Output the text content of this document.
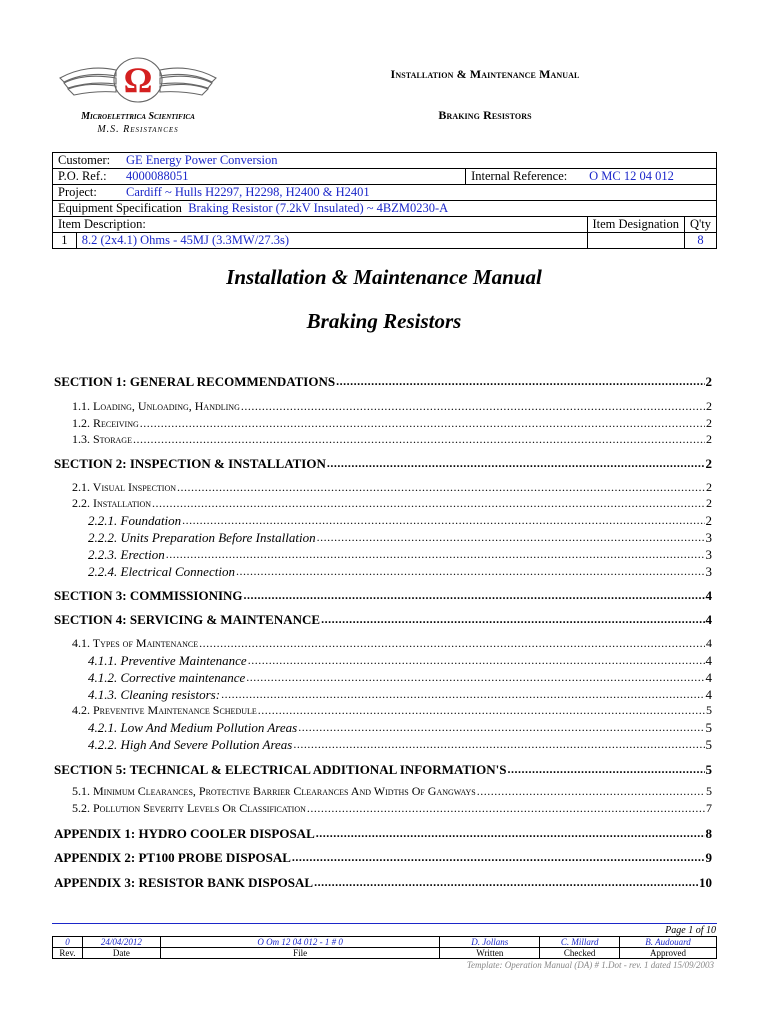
Ω
Microelettrica Scientifica
M.S. Resistances
Installation & Maintenance Manual
Braking Resistors
Customer: GE Energy Power Conversion				
P.O. Ref.: 4000088051		Internal Reference: O MC 12 04 012		
Project: Cardiff ~ Hulls H2297, H2298, H2400 & H2401				
Equipment Specification Braking Resistor (7.2kV Insulated) ~ 4BZM0230-A				
Item Description:			Item Designation	Q'ty
1	8.2 (2x4.1) Ohms - 45MJ (3.3MW/27.3s)			8
Installation & Maintenance Manual
Braking Resistors
SECTION 1: GENERAL RECOMMENDATIONS .....	2
1.1. Loading, Unloading, Handling .....	2
1.2. Receiving .....	2
1.3. Storage .....	2
SECTION 2: INSPECTION & INSTALLATION .....	2
2.1. Visual Inspection .....	2
2.2. Installation .....	2
2.2.1. Foundation .....	2
2.2.2. Units Preparation Before Installation .....	3
2.2.3. Erection .....	3
2.2.4. Electrical Connection .....	3
SECTION 3: COMMISSIONING .....	4
SECTION 4: SERVICING & MAINTENANCE .....	4
4.1. Types of Maintenance .....	4
4.1.1. Preventive Maintenance .....	4
4.1.2. Corrective maintenance .....	4
4.1.3. Cleaning resistors: .....	4
4.2. Preventive Maintenance Schedule .....	5
4.2.1. Low And Medium Pollution Areas .....	5
4.2.2. High And Severe Pollution Areas .....	5
SECTION 5: TECHNICAL & ELECTRICAL ADDITIONAL INFORMATION'S .....	5
5.1. Minimum Clearances, Protective Barrier Clearances And Widths Of Gangways .....	5
5.2. Pollution Severity Levels Or Classification .....	7
APPENDIX 1: HYDRO COOLER DISPOSAL .....	8
APPENDIX 2: PT100 PROBE DISPOSAL .....	9
APPENDIX 3: RESISTOR BANK DISPOSAL .....	10
Page 1 of 10
0	24/04/2012	O Om 12 04 012 - 1 # 0	D. Jollans	C. Millard	B. Audouard
Rev.	Date	File	Written	Checked	Approved
Template: Operation Manual (DA) # 1.Dot - rev. 1 dated 15/09/2003
